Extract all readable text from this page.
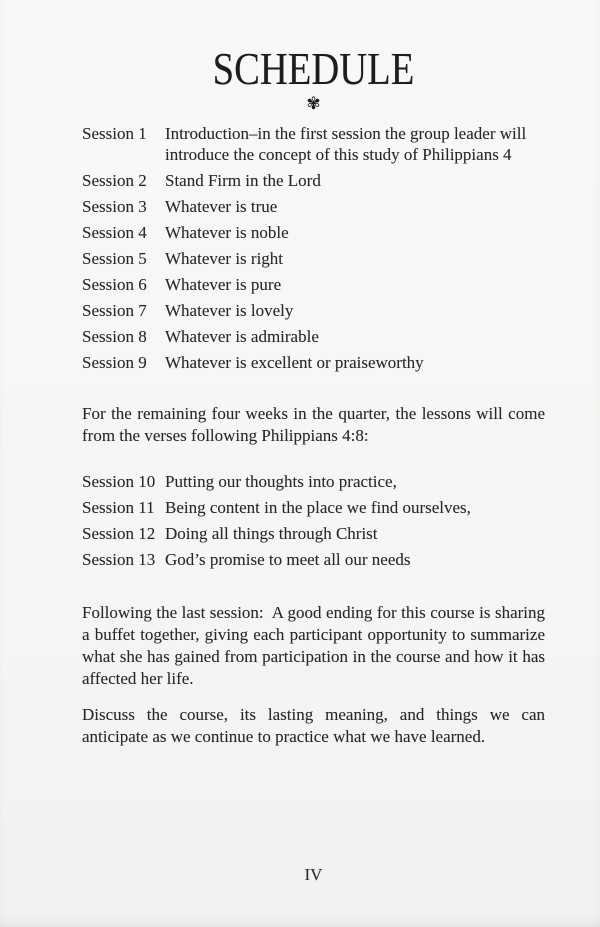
SCHEDULE
✾
Session 1	Introduction–in the first session the group leader will introduce the concept of this study of Philippians 4
Session 2	Stand Firm in the Lord
Session 3	Whatever is true
Session 4	Whatever is noble
Session 5	Whatever is right
Session 6	Whatever is pure
Session 7	Whatever is lovely
Session 8	Whatever is admirable
Session 9	Whatever is excellent or praiseworthy
For the remaining four weeks in the quarter, the lessons will come from the verses following Philippians 4:8:
Session 10 Putting our thoughts into practice,
Session 11 Being content in the place we find ourselves,
Session 12 Doing all things through Christ
Session 13 God’s promise to meet all our needs
Following the last session:  A good ending for this course is sharing a buffet together, giving each participant opportunity to summarize what she has gained from participation in the course and how it has affected her life.
Discuss the course, its lasting meaning, and things we can anticipate as we continue to practice what we have learned.
IV
